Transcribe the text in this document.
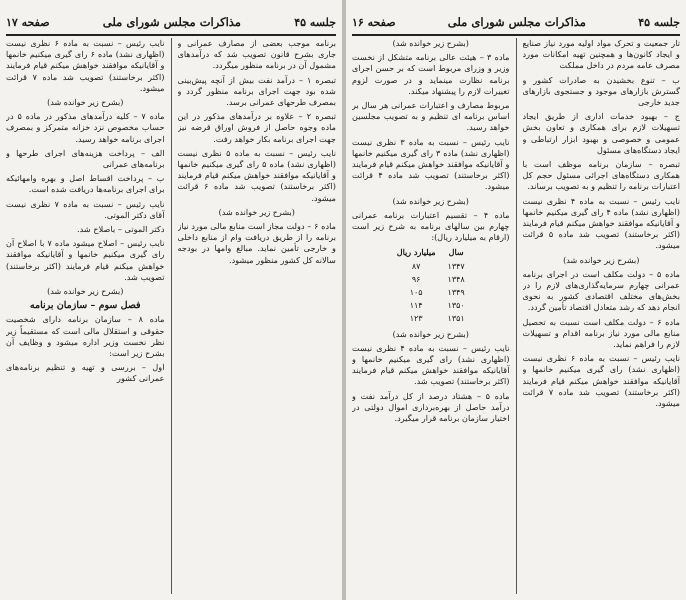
جلسه ۴۵
مذاکرات مجلس شورای ملی
صفحه ۱۷

برنامه موجب بعضی از مصارف عمرانی و جاری بشرح قانون تصویب شد که درآمدهای مشمول آن در برنامه منظور میگردد.

تبصره ۱ – درآمد نفت بیش از آنچه پیش‌بینی شده بود جهت اجرای برنامه منظور گردد و بمصرف طرحهای عمرانی برسد.

تبصره ۲ – علاوه بر درآمدهای مذکور در این ماده وجوه حاصل از فروش اوراق قرضه نیز جهت اجرای برنامه بکار خواهد رفت.

نایب رئیس – نسبت به ماده ۵ نظری نیست (اظهاری نشد) ماده ۵ رای گیری میکنیم خانمها و آقایانیکه موافقند خواهش میکنم قیام فرمایند (اکثر برخاستند) تصویب شد ماده ۶ قرائت میشود.

(بشرح زیر خوانده شد)

ماده ۶ – دولت مجاز است منابع مالی مورد نیاز برنامه را از طریق دریافت وام از منابع داخلی و خارجی تأمین نماید. مبالغ وامها در بودجه سالانه کل کشور منظور میشود.

نایب رئیس – نسبت به ماده ۶ نظری نیست (اظهاری نشد) ماده ۶ رای گیری میکنیم خانمها و آقایانیکه موافقند خواهش میکنم قیام فرمایند (اکثر برخاستند) تصویب شد ماده ۷ قرائت میشود.

(بشرح زیر خوانده شد)

ماده ۷ – کلیه درآمدهای مذکور در ماده ۵ در حساب مخصوص نزد خزانه متمرکز و بمصرف اجرای برنامه خواهد رسید.

الف – پرداخت هزینه‌های اجرای طرحها و برنامه‌های عمرانی

ب – پرداخت اقساط اصل و بهره وامهائیکه برای اجرای برنامه‌ها دریافت شده است.

نایب رئیس – نسبت به ماده ۷ نظری نیست آقای دکتر الموتی.

دکتر الموتی – باصلاح شد.

نایب رئیس – اصلاح میشود ماده ۷ با اصلاح آن رای گیری میکنیم خانمها و آقایانیکه موافقند خواهش میکنم قیام فرمایند (اکثر برخاستند) تصویب شد.

(بشرح زیر خوانده شد)

فصل سوم – سازمان برنامه

ماده ۸ – سازمان برنامه دارای شخصیت حقوقی و استقلال مالی است که مستقیماً زیر نظر نخست وزیر اداره میشود و وظایف آن بشرح زیر است:

اول – بررسی و تهیه و تنظیم برنامه‌های عمرانی کشور

جلسه ۴۵
مذاکرات مجلس شورای ملی
صفحه ۱۶

تار جمعیت و تحرک مواد اولیه مورد نیاز صنایع و ایجاد کانون‌ها و همچنین تهیه امکانات مورد مصرف عامه مردم در داخل مملکت

ب – تنوع بخشیدن به صادرات کشور و گسترش بازارهای موجود و جستجوی بازارهای جدید خارجی

ج – بهبود خدمات اداری از طریق ایجاد تسهیلات لازم برای همکاری و تعاون بخش عمومی و خصوصی و بهبود ابزار ارتباطی و ایجاد دستگاه‌های مسئول

تبصره – سازمان برنامه موظف است با همکاری دستگاه‌های اجرائی مسئول حجم کل اعتبارات برنامه را تنظیم و به تصویب برساند.

نایب رئیس – نسبت به ماده ۴ نظری نیست (اظهاری نشد) ماده ۴ رای گیری میکنیم خانمها و آقایانیکه موافقند خواهش میکنم قیام فرمایند (اکثر برخاستند) تصویب شد ماده ۵ قرائت میشود.

(بشرح زیر خوانده شد)

ماده ۵ – دولت مکلف است در اجرای برنامه عمرانی چهارم سرمایه‌گذاری‌های لازم را در بخش‌های مختلف اقتصادی کشور به نحوی انجام دهد که رشد متعادل اقتصاد تأمین گردد.

ماده ۶ – دولت مکلف است نسبت به تحصیل منابع مالی مورد نیاز برنامه اقدام و تسهیلات لازم را فراهم نماید.

نایب رئیس – نسبت به ماده ۶ نظری نیست (اظهاری نشد) رای گیری میکنیم خانمها و آقایانیکه موافقند خواهش میکنم قیام فرمایند (اکثر برخاستند) تصویب شد ماده ۷ قرائت میشود.

(بشرح زیر خوانده شد)

ماده ۳ – هیئت عالی برنامه متشکل از نخست وزیر و وزرای مربوط است که بر حسن اجرای برنامه نظارت مینماید و در صورت لزوم تغییرات لازم را پیشنهاد میکند.

مربوط مصارف و اعتبارات عمرانی هر سال بر اساس برنامه ای تنظیم و به تصویب مجلسین خواهد رسید.

نایب رئیس – نسبت به ماده ۳ نظری نیست (اظهاری نشد) ماده ۳ رای گیری میکنیم خانمها و آقایانیکه موافقند خواهش میکنم قیام فرمایند (اکثر برخاستند) تصویب شد ماده ۴ قرائت میشود.

(بشرح زیر خوانده شد)

ماده ۴ – تقسیم اعتبارات برنامه عمرانی چهارم بین سالهای برنامه به شرح زیر است (ارقام به میلیارد ریال):

سال	میلیارد ریال
۱۳۴۷	۸۷
۱۳۴۸	۹۶
۱۳۴۹	۱۰۵
۱۳۵۰	۱۱۴
۱۳۵۱	۱۲۳

(بشرح زیر خوانده شد)

نایب رئیس – نسبت به ماده ۴ نظری نیست (اظهاری نشد) رای گیری میکنیم خانمها و آقایانیکه موافقند خواهش میکنم قیام فرمایند (اکثر برخاستند) تصویب شد.

ماده ۵ – هشتاد درصد از کل درآمد نفت و درآمد حاصل از بهره‌برداری اموال دولتی در اختیار سازمان برنامه قرار میگیرد.
